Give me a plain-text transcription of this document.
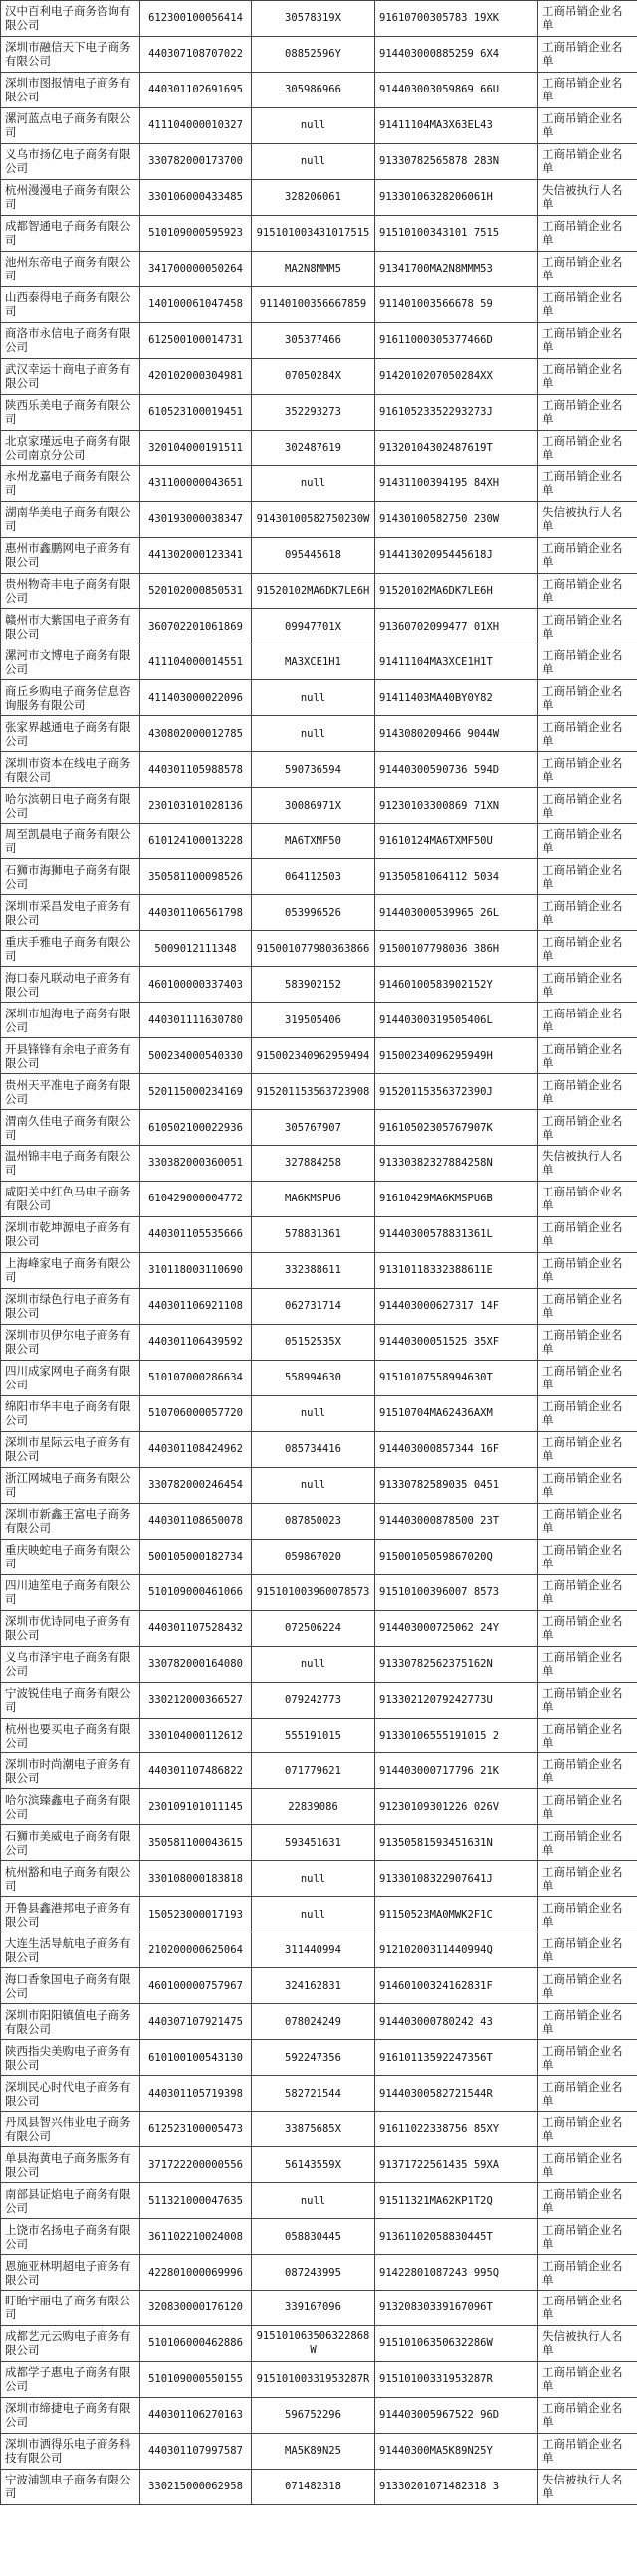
汉中百利电子商务咨询有限公司	612300100056414	30578319X	91610700305783 19XK	工商吊销企业名单
深圳市融信天下电子商务有限公司	440307108707022	08852596Y	914403000885259 6X4	工商吊销企业名单
深圳市图报情电子商务有限公司	440301102691695	305986966	914403003059869 66U	工商吊销企业名单
漯河蓝点电子商务有限公司	411104000010327	null	91411104MA3X63EL43	工商吊销企业名单
义乌市扬亿电子商务有限公司	330782000173700	null	91330782565878 283N	工商吊销企业名单
杭州漫漫电子商务有限公司	330106000433485	328206061	91330106328206061H	失信被执行人名单
成都智通电子商务有限公司	510109000595923	915101003431017515	91510100343101 7515	工商吊销企业名单
池州东帝电子商务有限公司	341700000050264	MA2N8MMM5	91341700MA2N8MMM53	工商吊销企业名单
山西泰得电子商务有限公司	140100061047458	91140100356667859	911401003566678 59	工商吊销企业名单
商洛市永信电子商务有限公司	612500100014731	305377466	91611000305377466D	工商吊销企业名单
武汉幸运十商电子商务有限公司	420102000304981	07050284X	9142010207050284XX	工商吊销企业名单
陕西乐美电子商务有限公司	610523100019451	352293273	91610523352293273J	工商吊销企业名单
北京家瑾远电子商务有限公司南京分公司	320104000191511	302487619	91320104302487619T	工商吊销企业名单
永州龙嘉电子商务有限公司	431100000043651	null	91431100394195 84XH	工商吊销企业名单
湖南华美电子商务有限公司	430193000038347	91430100582750230W	91430100582750 230W	失信被执行人名单
惠州市鑫鹏网电子商务有限公司	441302000123341	095445618	91441302095445618J	工商吊销企业名单
贵州物奇丰电子商务有限公司	520102000850531	91520102MA6DK7LE6H	91520102MA6DK7LE6H	工商吊销企业名单
赣州市大紫国电子商务有限公司	360702201061869	09947701X	91360702099477 01XH	工商吊销企业名单
漯河市文博电子商务有限公司	411104000014551	MA3XCE1H1	91411104MA3XCE1H1T	工商吊销企业名单
商丘乡购电子商务信息咨询服务有限公司	411403000022096	null	91411403MA40BY0Y82	工商吊销企业名单
张家界越通电子商务有限公司	430802000012785	null	9143080209466 9044W	工商吊销企业名单
深圳市资本在线电子商务有限公司	440301105988578	590736594	91440300590736 594D	工商吊销企业名单
哈尔滨朝日电子商务有限公司	230103101028136	30086971X	91230103300869 71XN	工商吊销企业名单
周至凯晨电子商务有限公司	610124100013228	MA6TXMF50	91610124MA6TXMF50U	工商吊销企业名单
石狮市海狮电子商务有限公司	350581100098526	064112503	91350581064112 5034	工商吊销企业名单
深圳市采昌发电子商务有限公司	440301106561798	053996526	914403000539965 26L	工商吊销企业名单
重庆手雅电子商务有限公司	5009012111348	915001077980363866	91500107798036 386H	工商吊销企业名单
海口泰凡联动电子商务有限公司	460100000337403	583902152	91460100583902152Y	工商吊销企业名单
深圳市旭海电子商务有限公司	440301111630780	319505406	91440300319505406L	工商吊销企业名单
开县锋锋有余电子商务有限公司	500234000540330	915002340962959494	91500234096295949H	工商吊销企业名单
贵州天平准电子商务有限公司	520115000234169	915201153563723908	91520115356372390J	工商吊销企业名单
渭南久佳电子商务有限公司	610502100022936	305767907	91610502305767907K	工商吊销企业名单
温州锦丰电子商务有限公司	330382000360051	327884258	91330382327884258N	失信被执行人名单
咸阳关中红色马电子商务有限公司	610429000004772	MA6KMSPU6	91610429MA6KMSPU6B	工商吊销企业名单
深圳市乾坤源电子商务有限公司	440301105535666	578831361	91440300578831361L	工商吊销企业名单
上海峰家电子商务有限公司	310118003110690	332388611	91310118332388611E	工商吊销企业名单
深圳市绿色行电子商务有限公司	440301106921108	062731714	914403000627317 14F	工商吊销企业名单
深圳市贝伊尔电子商务有限公司	440301106439592	05152535X	91440300051525 35XF	工商吊销企业名单
四川成家网电子商务有限公司	510107000286634	558994630	91510107558994630T	工商吊销企业名单
绵阳市华丰电子商务有限公司	510706000057720	null	91510704MA62436AXM	工商吊销企业名单
深圳市星际云电子商务有限公司	440301108424962	085734416	914403000857344 16F	工商吊销企业名单
浙江网城电子商务有限公司	330782000246454	null	91330782589035 0451	工商吊销企业名单
深圳市新鑫王富电子商务有限公司	440301108650078	087850023	914403000878500 23T	工商吊销企业名单
重庆映蛇电子商务有限公司	500105000182734	059867020	91500105059867020Q	工商吊销企业名单
四川迪笙电子商务有限公司	510109000461066	915101003960078573	91510100396007 8573	工商吊销企业名单
深圳市优诗同电子商务有限公司	440301107528432	072506224	914403000725062 24Y	工商吊销企业名单
义乌市泽宇电子商务有限公司	330782000164080	null	91330782562375162N	工商吊销企业名单
宁波锐佳电子商务有限公司	330212000366527	079242773	91330212079242773U	工商吊销企业名单
杭州也要买电子商务有限公司	330104000112612	555191015	91330106555191015 2	工商吊销企业名单
深圳市时尚潮电子商务有限公司	440301107486822	071779621	914403000717796 21K	工商吊销企业名单
哈尔滨臻鑫电子商务有限公司	230109101011145	22839086	91230109301226 026V	工商吊销企业名单
石狮市美威电子商务有限公司	350581100043615	593451631	91350581593451631N	工商吊销企业名单
杭州豁和电子商务有限公司	330108000183818	null	91330108322907641J	工商吊销企业名单
开鲁县鑫港邦电子商务有限公司	150523000017193	null	91150523MA0MWK2F1C	工商吊销企业名单
大连生活导航电子商务有限公司	210200000625064	311440994	91210200311440994Q	工商吊销企业名单
海口香象国电子商务有限公司	460100000757967	324162831	91460100324162831F	工商吊销企业名单
深圳市阳阳镇值电子商务有限公司	440307107921475	078024249	914403000780242 43	工商吊销企业名单
陕西指尖美购电子商务有限公司	610100100543130	592247356	91610113592247356T	工商吊销企业名单
深圳民心时代电子商务有限公司	440301105719398	582721544	91440300582721544R	工商吊销企业名单
丹凤县智兴伟业电子商务有限公司	612523100005473	33875685X	91611022338756 85XY	工商吊销企业名单
单县海黄电子商务服务有限公司	371722200000556	56143559X	91371722561435 59XA	工商吊销企业名单
南部县证焰电子商务有限公司	511321000047635	null	91511321MA62KP1T2Q	工商吊销企业名单
上饶市名扬电子商务有限公司	361102210024008	058830445	91361102058830445T	工商吊销企业名单
恩施亚林明超电子商务有限公司	422801000069996	087243995	91422801087243 995Q	工商吊销企业名单
盱眙宇丽电子商务有限公司	320830000176120	339167096	91320830339167096T	工商吊销企业名单
成都艺元云购电子商务有限公司	510106000462886	915101063506322868W	91510106350632286W	失信被执行人名单
成都学子惠电子商务有限公司	510109000550155	91510100331953287R	91510100331953287R	工商吊销企业名单
深圳市缔捷电子商务有限公司	440301106270163	596752296	914403005967522 96D	工商吊销企业名单
深圳市洒得乐电子商务科技有限公司	440301107997587	MA5K89N25	91440300MA5K89N25Y	工商吊销企业名单
宁波浦凯电子商务有限公司	330215000062958	071482318	91330201071482318 3	失信被执行人名单
